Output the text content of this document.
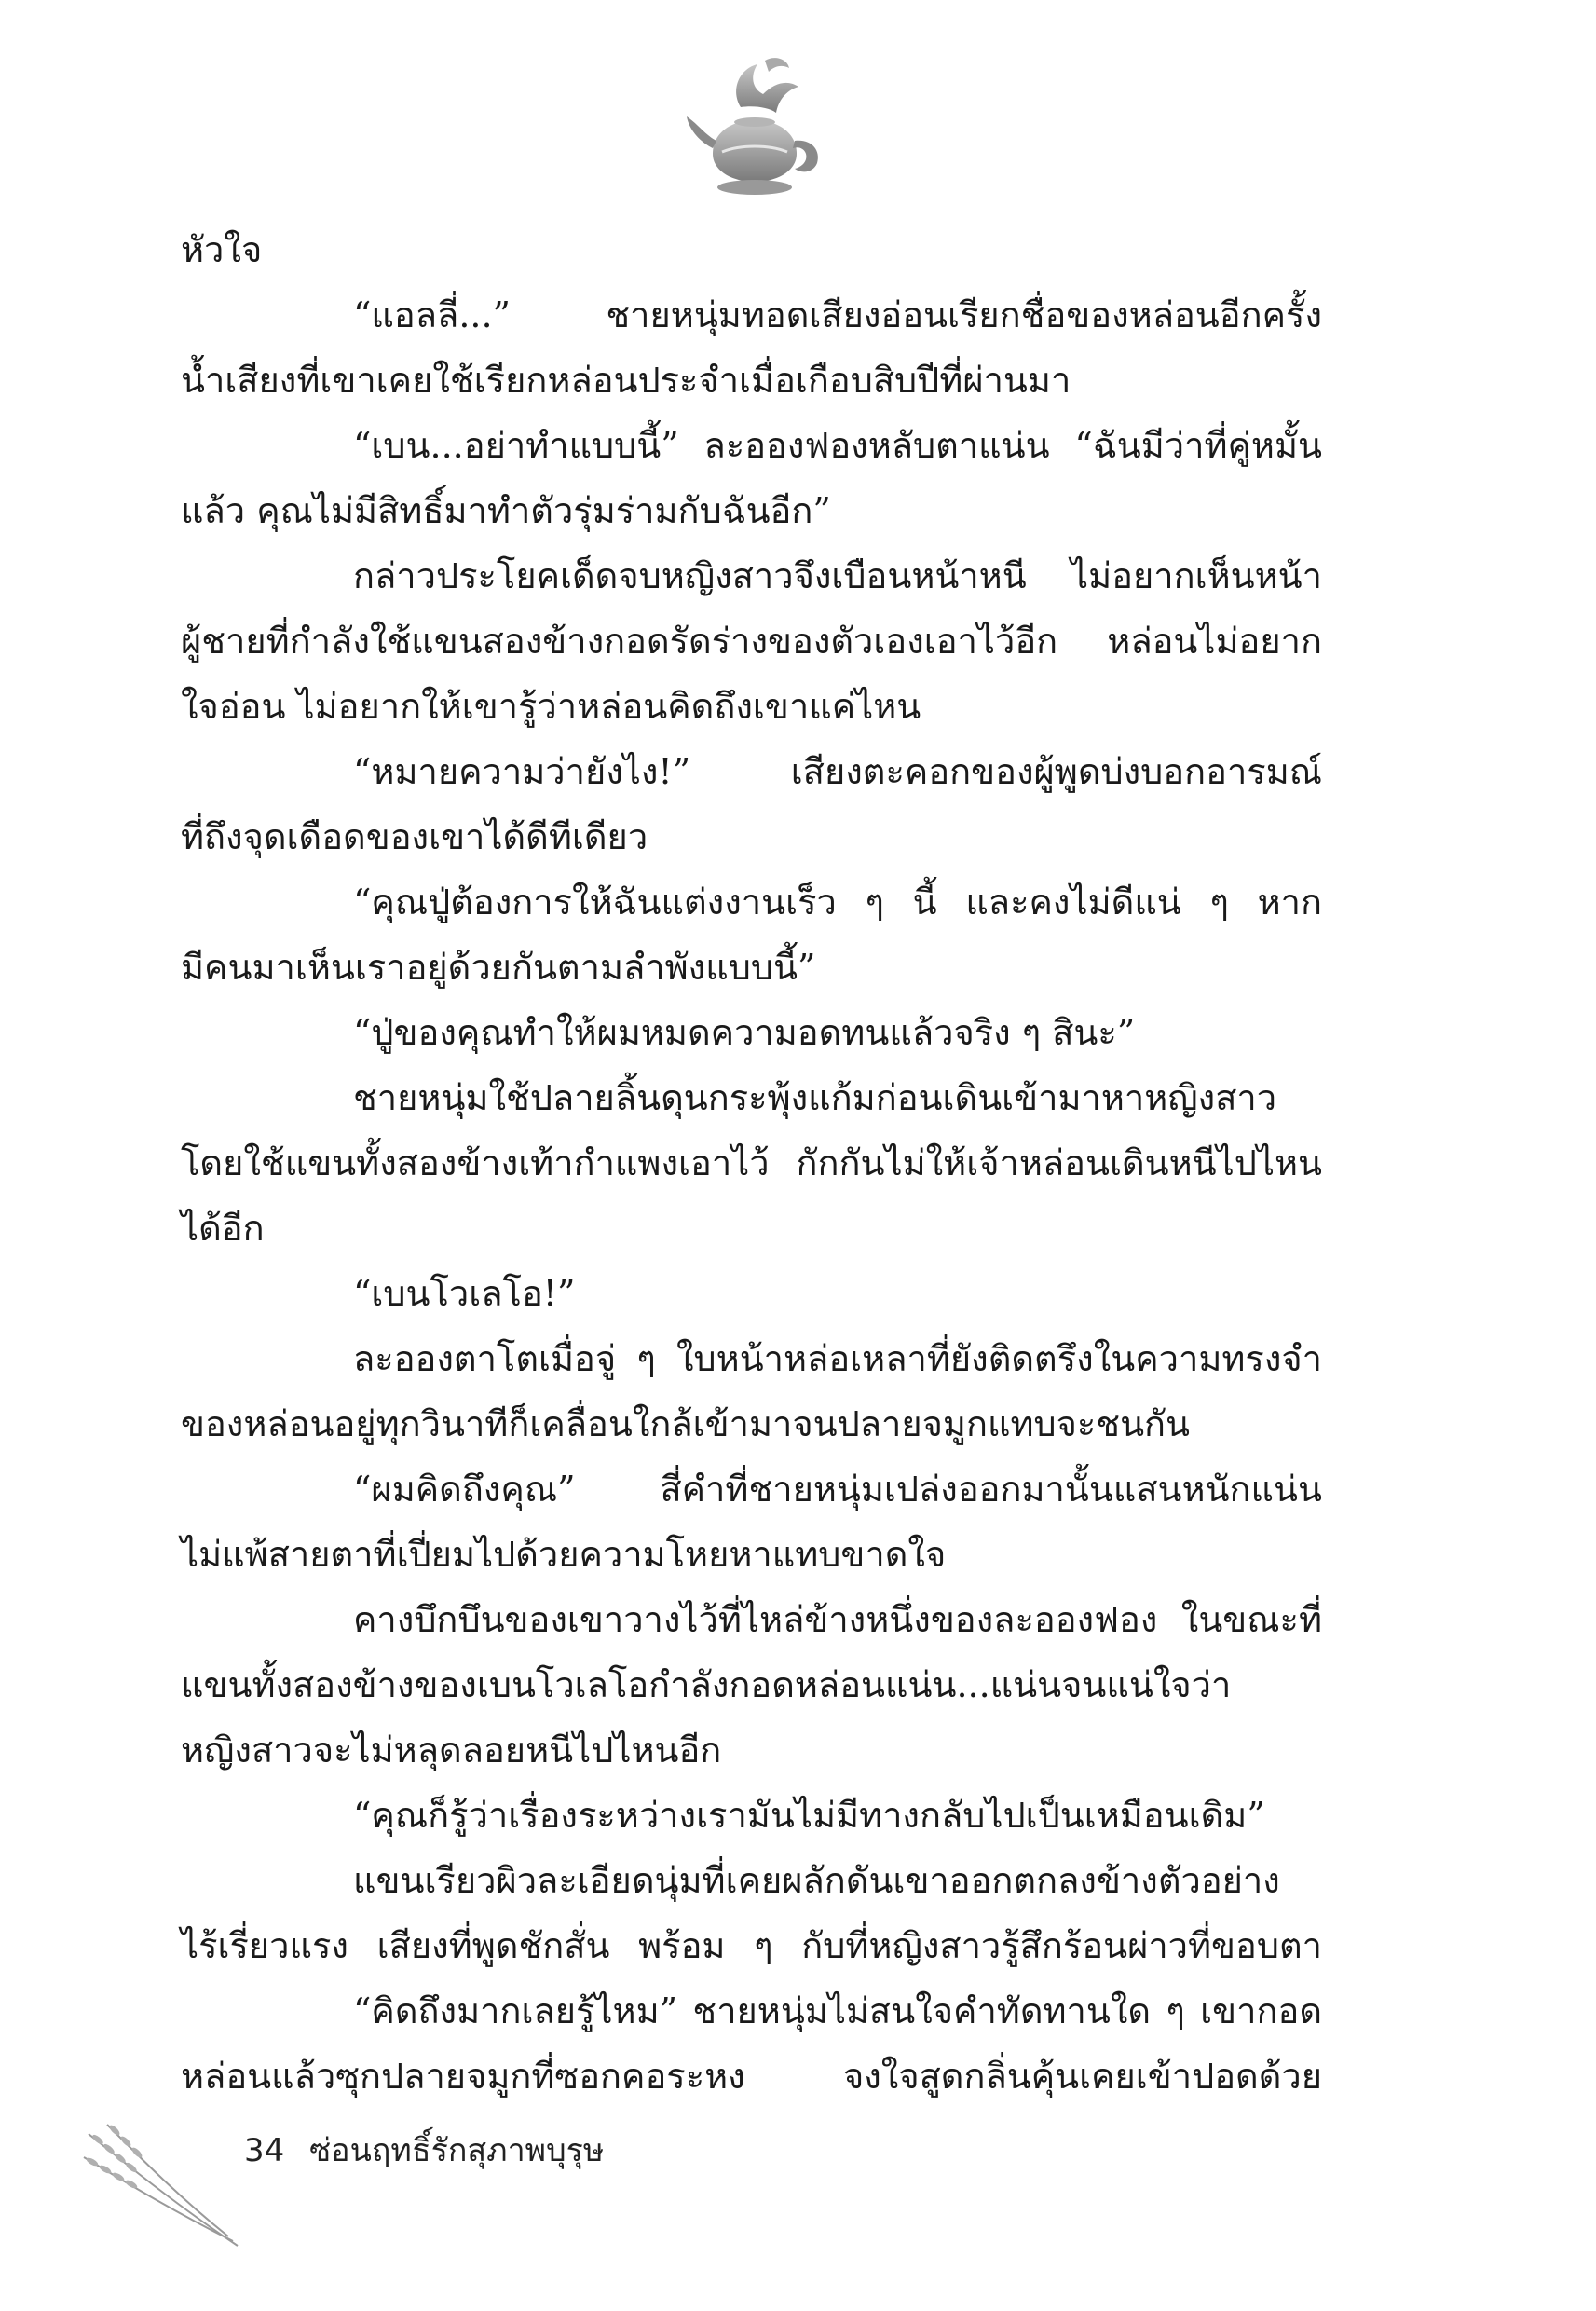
หัวใจ
“แอลลี่...” ชายหนุ่มทอดเสียงอ่อนเรียกชื่อของหล่อนอีกครั้ง
น้ำเสียงที่เขาเคยใช้เรียกหล่อนประจำเมื่อเกือบสิบปีที่ผ่านมา
“เบน...อย่าทำแบบนี้” ละอองฟองหลับตาแน่น “ฉันมีว่าที่คู่หมั้น
แล้ว คุณไม่มีสิทธิ์มาทำตัวรุ่มร่ามกับฉันอีก”
กล่าวประโยคเด็ดจบหญิงสาวจึงเบือนหน้าหนี ไม่อยากเห็นหน้า
ผู้ชายที่กำลังใช้แขนสองข้างกอดรัดร่างของตัวเองเอาไว้อีก หล่อนไม่อยาก
ใจอ่อน ไม่อยากให้เขารู้ว่าหล่อนคิดถึงเขาแค่ไหน
“หมายความว่ายังไง!” เสียงตะคอกของผู้พูดบ่งบอกอารมณ์
ที่ถึงจุดเดือดของเขาได้ดีทีเดียว
“คุณปู่ต้องการให้ฉันแต่งงานเร็ว ๆ นี้ และคงไม่ดีแน่ ๆ หาก
มีคนมาเห็นเราอยู่ด้วยกันตามลำพังแบบนี้”
“ปู่ของคุณทำให้ผมหมดความอดทนแล้วจริง ๆ สินะ”
ชายหนุ่มใช้ปลายลิ้นดุนกระพุ้งแก้มก่อนเดินเข้ามาหาหญิงสาว
โดยใช้แขนทั้งสองข้างเท้ากำแพงเอาไว้ กักกันไม่ให้เจ้าหล่อนเดินหนีไปไหน
ได้อีก
“เบนโวเลโอ!”
ละอองตาโตเมื่อจู่ ๆ ใบหน้าหล่อเหลาที่ยังติดตรึงในความทรงจำ
ของหล่อนอยู่ทุกวินาทีก็เคลื่อนใกล้เข้ามาจนปลายจมูกแทบจะชนกัน
“ผมคิดถึงคุณ” สี่คำที่ชายหนุ่มเปล่งออกมานั้นแสนหนักแน่น
ไม่แพ้สายตาที่เปี่ยมไปด้วยความโหยหาแทบขาดใจ
คางบึกบึนของเขาวางไว้ที่ไหล่ข้างหนึ่งของละอองฟอง ในขณะที่
แขนทั้งสองข้างของเบนโวเลโอกำลังกอดหล่อนแน่น...แน่นจนแน่ใจว่า
หญิงสาวจะไม่หลุดลอยหนีไปไหนอีก
“คุณก็รู้ว่าเรื่องระหว่างเรามันไม่มีทางกลับไปเป็นเหมือนเดิม”
แขนเรียวผิวละเอียดนุ่มที่เคยผลักดันเขาออกตกลงข้างตัวอย่าง
ไร้เรี่ยวแรง เสียงที่พูดชักสั่น พร้อม ๆ กับที่หญิงสาวรู้สึกร้อนผ่าวที่ขอบตา
“คิดถึงมากเลยรู้ไหม” ชายหนุ่มไม่สนใจคำทัดทานใด ๆ เขากอด
หล่อนแล้วซุกปลายจมูกที่ซอกคอระหง จงใจสูดกลิ่นคุ้นเคยเข้าปอดด้วย
34 ซ่อนฤทธิ์รักสุภาพบุรุษ
